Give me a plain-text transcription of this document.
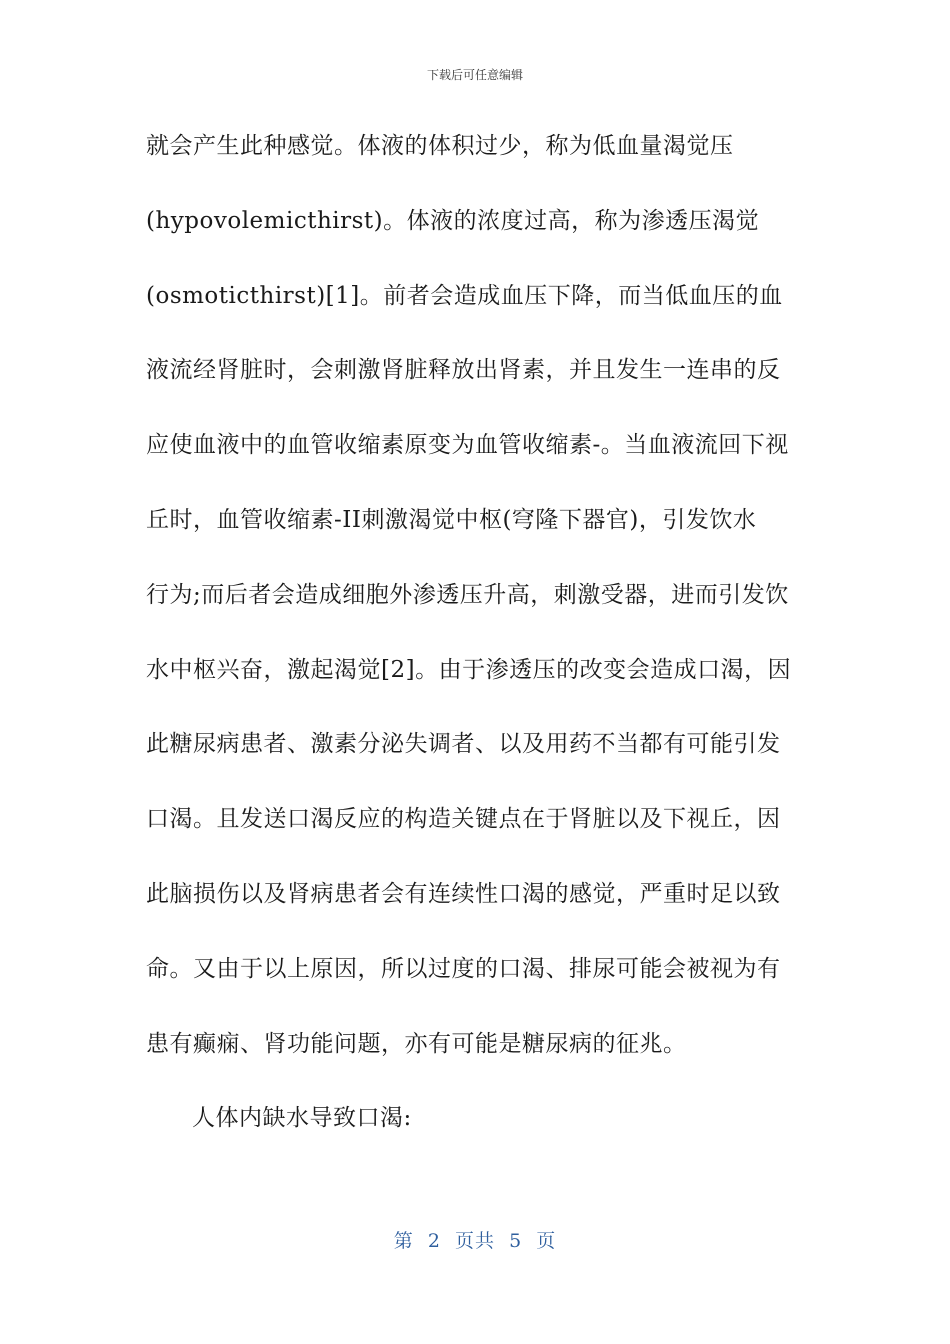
下载后可任意编辑
就会产生此种感觉。体液的体积过少，称为低血量渴觉压
(hypovolemicthirst)。体液的浓度过高，称为渗透压渴觉
(osmoticthirst)[1]。前者会造成血压下降，而当低血压的血
液流经肾脏时，会刺激肾脏释放出肾素，并且发生一连串的反
应使血液中的血管收缩素原变为血管收缩素-。当血液流回下视
丘时，血管收缩素-II刺激渴觉中枢(穹隆下器官)，引发饮水
行为;而后者会造成细胞外渗透压升高，刺激受器，进而引发饮
水中枢兴奋，激起渴觉[2]。由于渗透压的改变会造成口渴，因
此糖尿病患者、激素分泌失调者、以及用药不当都有可能引发
口渴。且发送口渴反应的构造关键点在于肾脏以及下视丘，因
此脑损伤以及肾病患者会有连续性口渴的感觉，严重时足以致
命。又由于以上原因，所以过度的口渴、排尿可能会被视为有
患有癫痫、肾功能问题，亦有可能是糖尿病的征兆。
人体内缺水导致口渴:
第  2  页共  5  页
